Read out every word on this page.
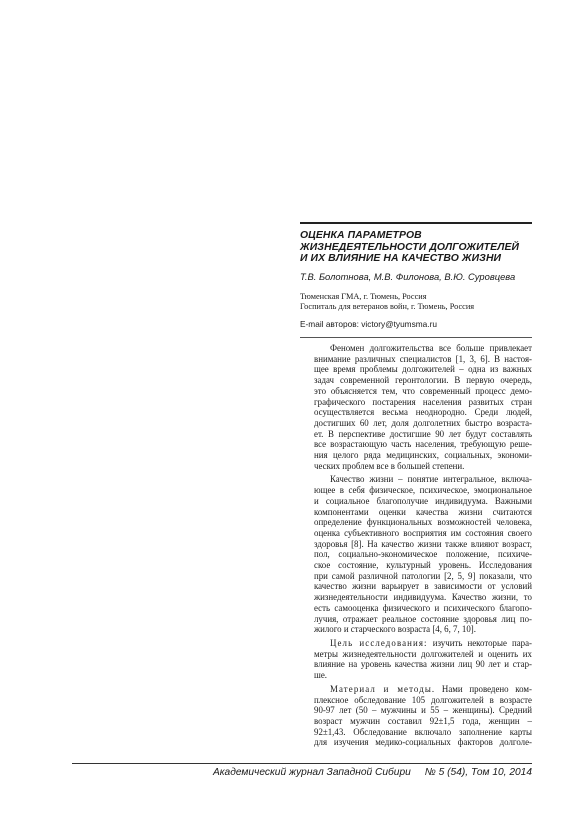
ОЦЕНКА ПАРАМЕТРОВ
ЖИЗНЕДЕЯТЕЛЬНОСТИ ДОЛГОЖИТЕЛЕЙ
И ИХ ВЛИЯНИЕ НА КАЧЕСТВО ЖИЗНИ

Т.В. Болотнова, М.В. Филонова, В.Ю. Суровцева

Тюменская ГМА, г. Тюмень, Россия
Госпиталь для ветеранов войн, г. Тюмень, Россия

E-mail авторов: victory@tyumsma.ru

Феномен долгожительства все больше привлекает
внимание различных специалистов [1, 3, 6]. В настоя-
щее время проблемы долгожителей – одна из важных
задач современной геронтологии. В первую очередь,
это объясняется тем, что современный процесс демо-
графического постарения населения развитых стран
осуществляется весьма неоднородно. Среди людей,
достигших 60 лет, доля долголетних быстро возраста-
ет. В перспективе достигшие 90 лет будут составлять
все возрастающую часть населения, требующую реше-
ния целого ряда медицинских, социальных, экономи-
ческих проблем все в большей степени.

Качество жизни – понятие интегральное, включа-
ющее в себя физическое, психическое, эмоциональное
и социальное благополучие индивидуума. Важными
компонентами оценки качества жизни считаются
определение функциональных возможностей человека,
оценка субъективного восприятия им состояния своего
здоровья [8]. На качество жизни также влияют возраст,
пол, социально-экономическое положение, психиче-
ское состояние, культурный уровень. Исследования
при самой различной патологии [2, 5, 9] показали, что
качество жизни варьирует в зависимости от условий
жизнедеятельности индивидуума. Качество жизни, то
есть самооценка физического и психического благопо-
лучия, отражает реальное состояние здоровья лиц по-
жилого и старческого возраста [4, 6, 7, 10].

Цель исследования: изучить некоторые пара-
метры жизнедеятельности долгожителей и оценить их
влияние на уровень качества жизни лиц 90 лет и стар-
ше.

Материал и методы. Нами проведено ком-
плексное обследование 105 долгожителей в возрасте
90-97 лет (50 – мужчины и 55 – женщины). Средний
возраст мужчин составил 92±1,5 года, женщин –
92±1,43. Обследование включало заполнение карты
для изучения медико-социальных факторов долголе-

Академический журнал Западной Сибири № 5 (54), Том 10, 2014
